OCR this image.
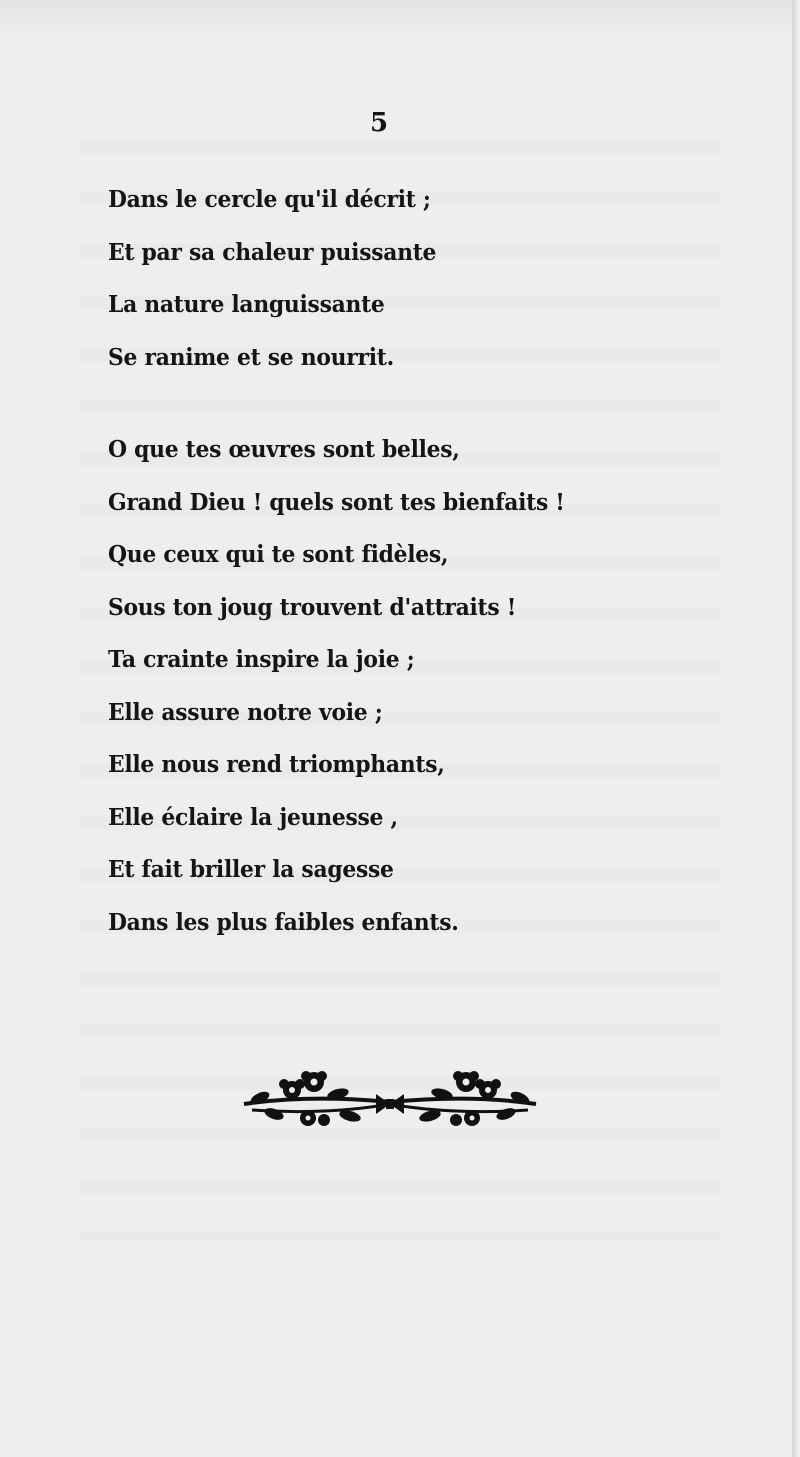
5
Dans le cercle qu'il décrit ;
Et par sa chaleur puissante
La nature languissante
Se ranime et se nourrit.
O que tes œuvres sont belles,
Grand Dieu ! quels sont tes bienfaits !
Que ceux qui te sont fidèles,
Sous ton joug trouvent d'attraits !
Ta crainte inspire la joie ;
Elle assure notre voie ;
Elle nous rend triomphants,
Elle éclaire la jeunesse ,
Et fait briller la sagesse
Dans les plus faibles enfants.
